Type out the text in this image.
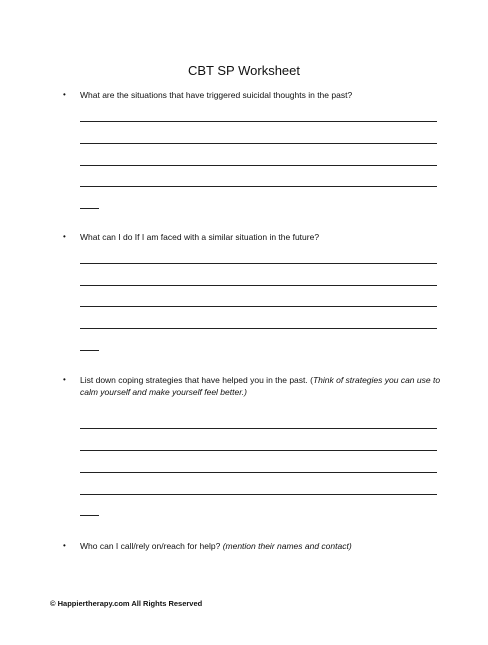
CBT SP Worksheet
• What are the situations that have triggered suicidal thoughts in the past?
• What can I do If I am faced with a similar situation in the future?
• List down coping strategies that have helped you in the past. (Think of strategies you can use to calm yourself and make yourself feel better.)
• Who can I call/rely on/reach for help? (mention their names and contact)
© Happiertherapy.com All Rights Reserved
